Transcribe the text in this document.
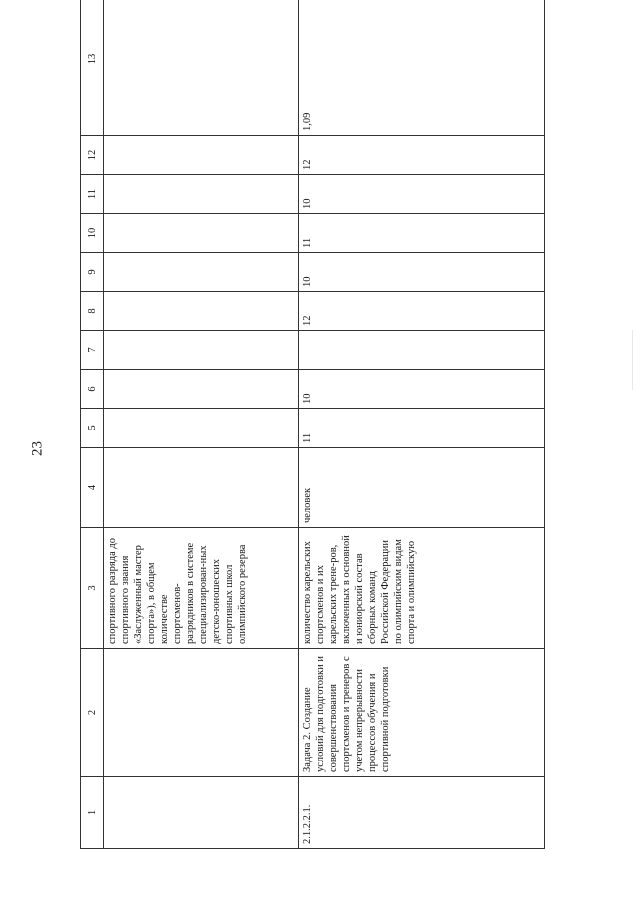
23
1	2	3	4	5	6	7	8	9	10	11	12	13
		спортивного разряда до спортивного звания «Заслуженный мастер спорта»), в общем количестве спортсменов-разрядников в системе специализирован-ных детско-юношеских спортивных школ олимпийского резерва										
2.1.2.2.1.	Задача 2. Создание условий для подготовки и совершенствования спортсменов и тренеров с учетом непрерывности процессов обучения и спортивной подготовки	количество карельских спортсменов и их карельских трене-ров, включенных в основной и юниорский состав сборных команд Российской Федерации по олимпийским видам спорта и олимпийскую	человек	11	10		12	10	11	10	12	1,09
